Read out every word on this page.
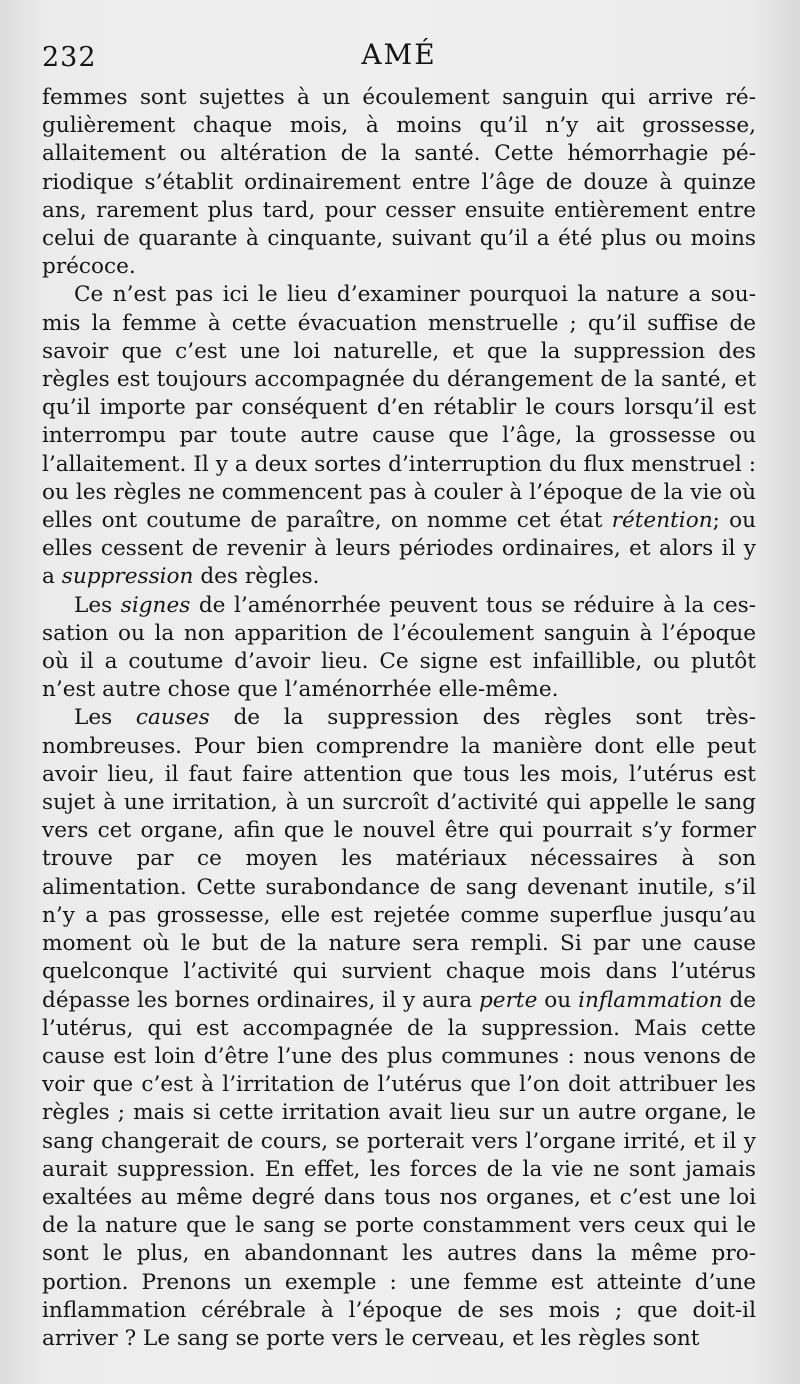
232	AMÉ

femmes sont sujettes à un écoulement sanguin qui arrive régulièrement chaque mois, à moins qu’il n’y ait grossesse, allaitement ou altération de la santé. Cette hémorrhagie périodique s’établit ordinairement entre l’âge de douze à quinze ans, rarement plus tard, pour cesser ensuite entièrement entre celui de quarante à cinquante, suivant qu’il a été plus ou moins précoce.

Ce n’est pas ici le lieu d’examiner pourquoi la nature a soumis la femme à cette évacuation menstruelle ; qu’il suffise de savoir que c’est une loi naturelle, et que la suppression des règles est toujours accompagnée du dérangement de la santé, et qu’il importe par conséquent d’en rétablir le cours lorsqu’il est interrompu par toute autre cause que l’âge, la grossesse ou l’allaitement. Il y a deux sortes d’interruption du flux menstruel : ou les règles ne commencent pas à couler à l’époque de la vie où elles ont coutume de paraître, on nomme cet état rétention; ou elles cessent de revenir à leurs périodes ordinaires, et alors il y a suppression des règles.

Les signes de l’aménorrhée peuvent tous se réduire à la cessation ou la non apparition de l’écoulement sanguin à l’époque où il a coutume d’avoir lieu. Ce signe est infaillible, ou plutôt n’est autre chose que l’aménorrhée elle-même.

Les causes de la suppression des règles sont très-nombreuses. Pour bien comprendre la manière dont elle peut avoir lieu, il faut faire attention que tous les mois, l’utérus est sujet à une irritation, à un surcroît d’activité qui appelle le sang vers cet organe, afin que le nouvel être qui pourrait s’y former trouve par ce moyen les matériaux nécessaires à son alimentation. Cette surabondance de sang devenant inutile, s’il n’y a pas grossesse, elle est rejetée comme superflue jusqu’au moment où le but de la nature sera rempli. Si par une cause quelconque l’activité qui survient chaque mois dans l’utérus dépasse les bornes ordinaires, il y aura perte ou inflammation de l’utérus, qui est accompagnée de la suppression. Mais cette cause est loin d’être l’une des plus communes : nous venons de voir que c’est à l’irritation de l’utérus que l’on doit attribuer les règles ; mais si cette irritation avait lieu sur un autre organe, le sang changerait de cours, se porterait vers l’organe irrité, et il y aurait suppression. En effet, les forces de la vie ne sont jamais exaltées au même degré dans tous nos organes, et c’est une loi de la nature que le sang se porte constamment vers ceux qui le sont le plus, en abandonnant les autres dans la même proportion. Prenons un exemple : une femme est atteinte d’une inflammation cérébrale à l’époque de ses mois ; que doit-il arriver ? Le sang se porte vers le cerveau, et les règles sont
